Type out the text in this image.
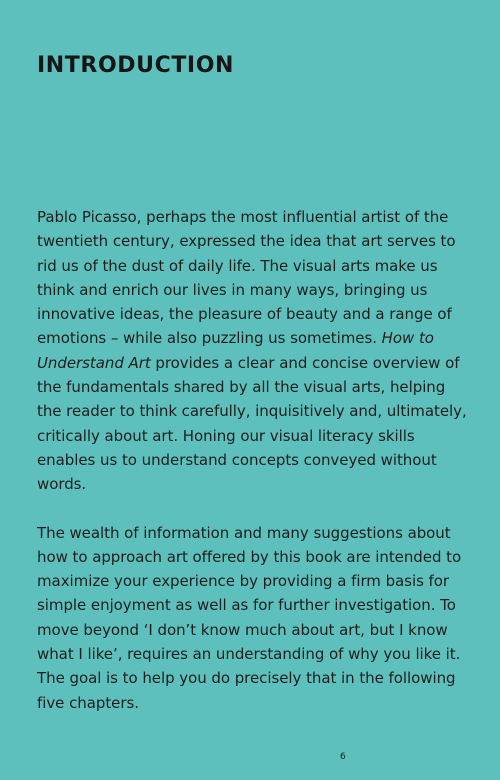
INTRODUCTION

Pablo Picasso, perhaps the most influential artist of the twentieth century, expressed the idea that art serves to rid us of the dust of daily life. The visual arts make us think and enrich our lives in many ways, bringing us innovative ideas, the pleasure of beauty and a range of emotions – while also puzzling us sometimes. How to Understand Art provides a clear and concise overview of the fundamentals shared by all the visual arts, helping the reader to think carefully, inquisitively and, ultimately, critically about art. Honing our visual literacy skills enables us to understand concepts conveyed without words.

The wealth of information and many suggestions about how to approach art offered by this book are intended to maximize your experience by providing a firm basis for simple enjoyment as well as for further investigation. To move beyond ‘I don’t know much about art, but I know what I like’, requires an understanding of why you like it. The goal is to help you do precisely that in the following five chapters.

6
